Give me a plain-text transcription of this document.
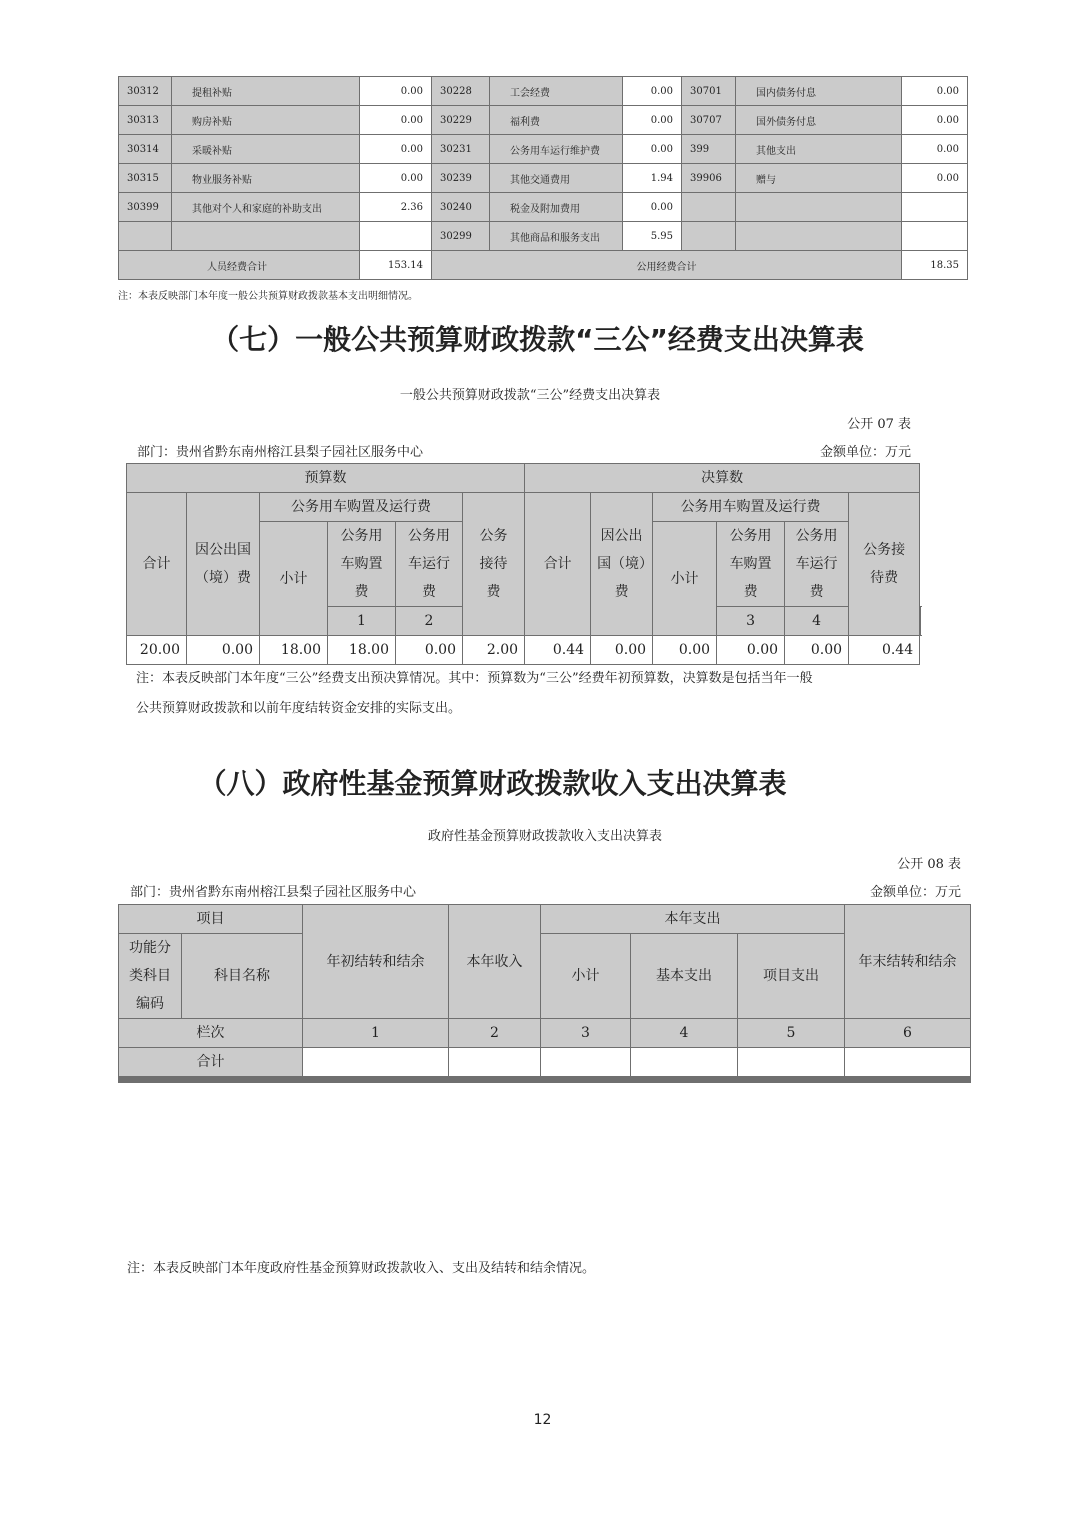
30312	提租补贴	0.00	30228	工会经费	0.00	30701	国内债务付息	0.00
30313	购房补贴	0.00	30229	福利费	0.00	30707	国外债务付息	0.00
30314	采暖补贴	0.00	30231	公务用车运行维护费	0.00	399	其他支出	0.00
30315	物业服务补贴	0.00	30239	其他交通费用	1.94	39906	赠与	0.00
30399	其他对个人和家庭的补助支出	2.36	30240	税金及附加费用	0.00			
			30299	其他商品和服务支出	5.95			
人员经费合计		153.14	公用经费合计					18.35
注：本表反映部门本年度一般公共预算财政拨款基本支出明细情况。
（七）一般公共预算财政拨款“三公”经费支出决算表
一般公共预算财政拨款“三公”经费支出决算表
公开 07 表
部门：贵州省黔东南州榕江县梨子园社区服务中心	金额单位：万元
预算数						决算数						
合计	因公出国（境）费	公务用车购置及运行费			公务接待费	合计	因公出国（境）费	公务用车购置及运行费			公务接待费	
		小计	公务用车购置费	公务用车运行费				小计	公务用车购置费	公务用车运行费		
			1	2					3	4								
20.00	0.00	18.00	18.00	0.00	2.00	0.44	0.00	0.00	0.00	0.00	0.44	
注：本表反映部门本年度“三公”经费支出预决算情况。其中：预算数为“三公”经费年初预算数，决算数是包括当年一般
公共预算财政拨款和以前年度结转资金安排的实际支出。
（八）政府性基金预算财政拨款收入支出决算表
政府性基金预算财政拨款收入支出决算表
公开 08 表
部门：贵州省黔东南州榕江县梨子园社区服务中心	金额单位：万元
项目		年初结转和结余	本年收入	本年支出			年末结转和结余
功能分类科目编码	科目名称			小计	基本支出	项目支出	
栏次		1	2	3	4	5	6
合计							

注：本表反映部门本年度政府性基金预算财政拨款收入、支出及结转和结余情况。
12
